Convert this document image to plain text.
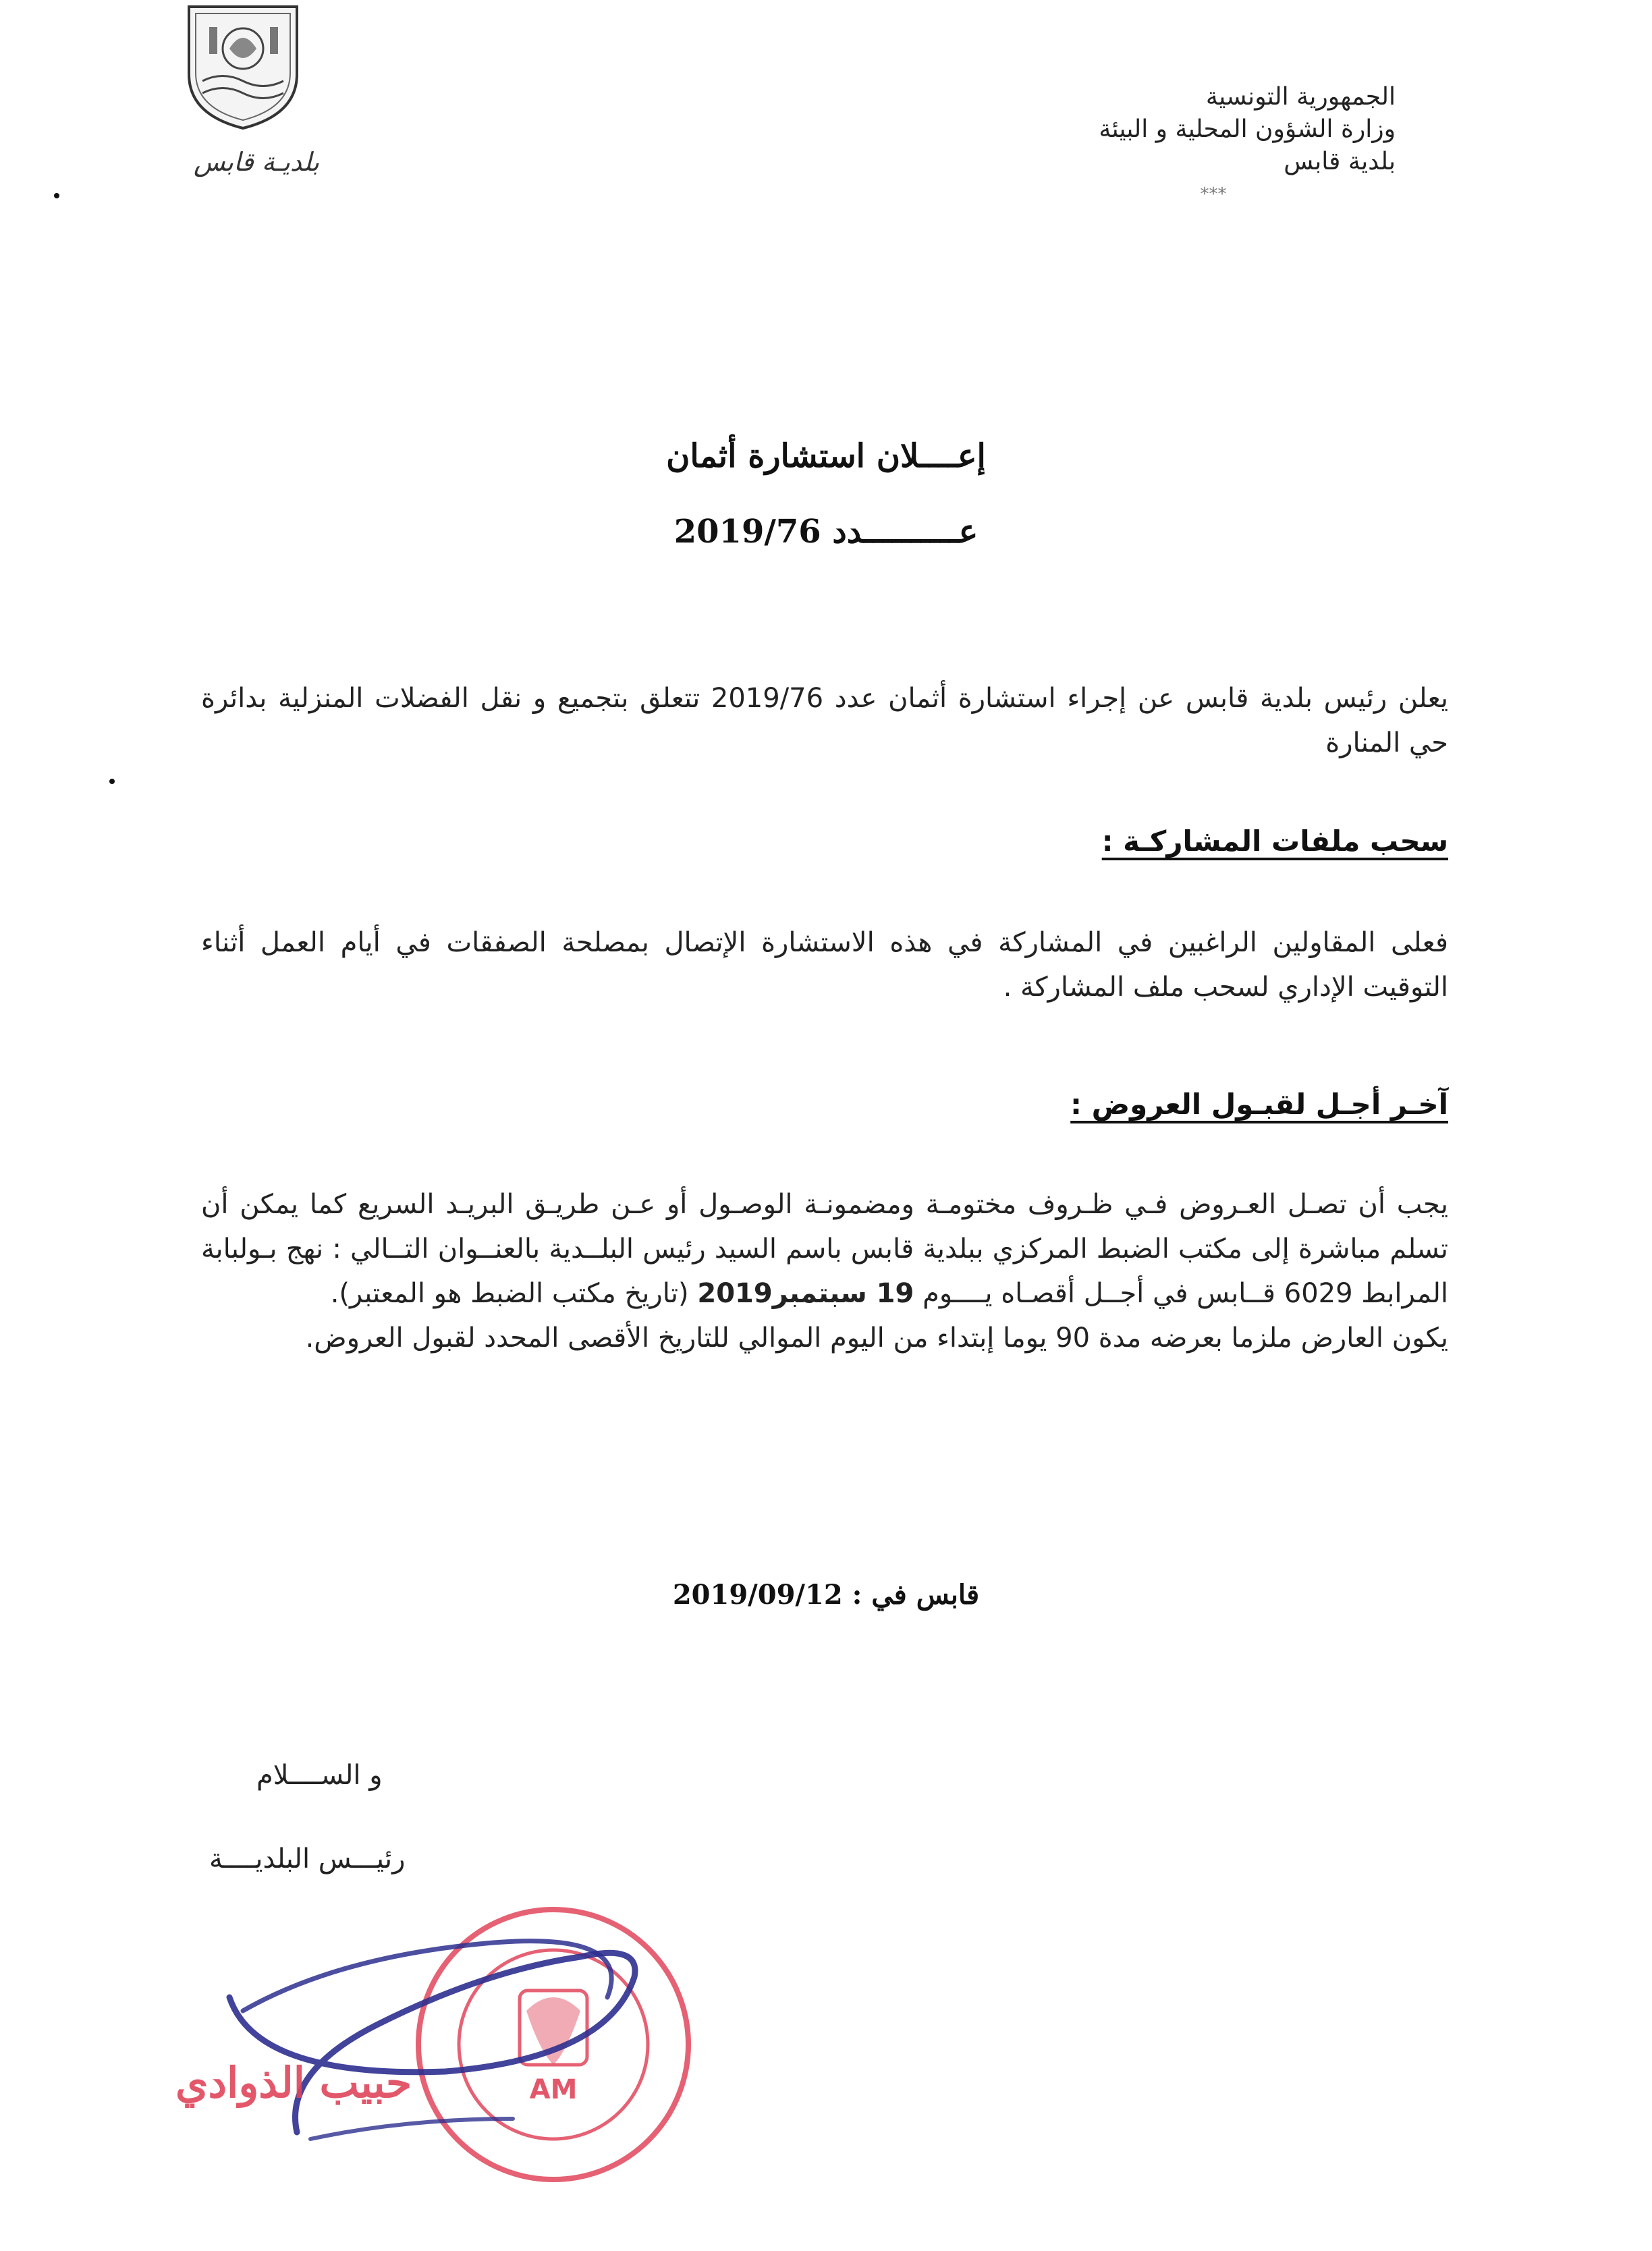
بلديـة قابس
الجمهورية التونسية
وزارة الشؤون المحلية و البيئة
بلدية قابس
***
إعــــلان استشارة أثمان
عــــــــــدد 2019/76
يعلن رئيس بلدية قابس عن إجراء استشارة أثمان عدد 2019/76 تتعلق بتجميع و نقل الفضلات المنزلية بدائرة حي المنارة
سحب ملفات المشاركـة :
فعلى المقاولين الراغبين في المشاركة في هذه الاستشارة الإتصال بمصلحة الصفقات في أيام العمل أثناء التوقيت الإداري لسحب ملف المشاركة .
آخـر أجـل لقبـول العروض :
يجب أن تصـل العـروض فـي ظـروف مختومـة ومضمونـة الوصـول أو عـن طريـق البريـد السريع كما يمكن أن تسلم مباشرة إلى مكتب الضبط المركزي ببلدية قابس باسم السيد رئيس البلــدية بالعنــوان التــالي : نهج بـولبابة المرابط 6029 قــابس في أجــل أقصـاه يــــوم 19 سبتمبر2019 (تاريخ مكتب الضبط هو المعتبر).
يكون العارض ملزما بعرضه مدة 90 يوما إبتداء من اليوم الموالي للتاريخ الأقصى المحدد لقبول العروض.
قابس في : 2019/09/12
و الســــلام
رئيـــس البلديــــة
AM
حبيب الذوادي
